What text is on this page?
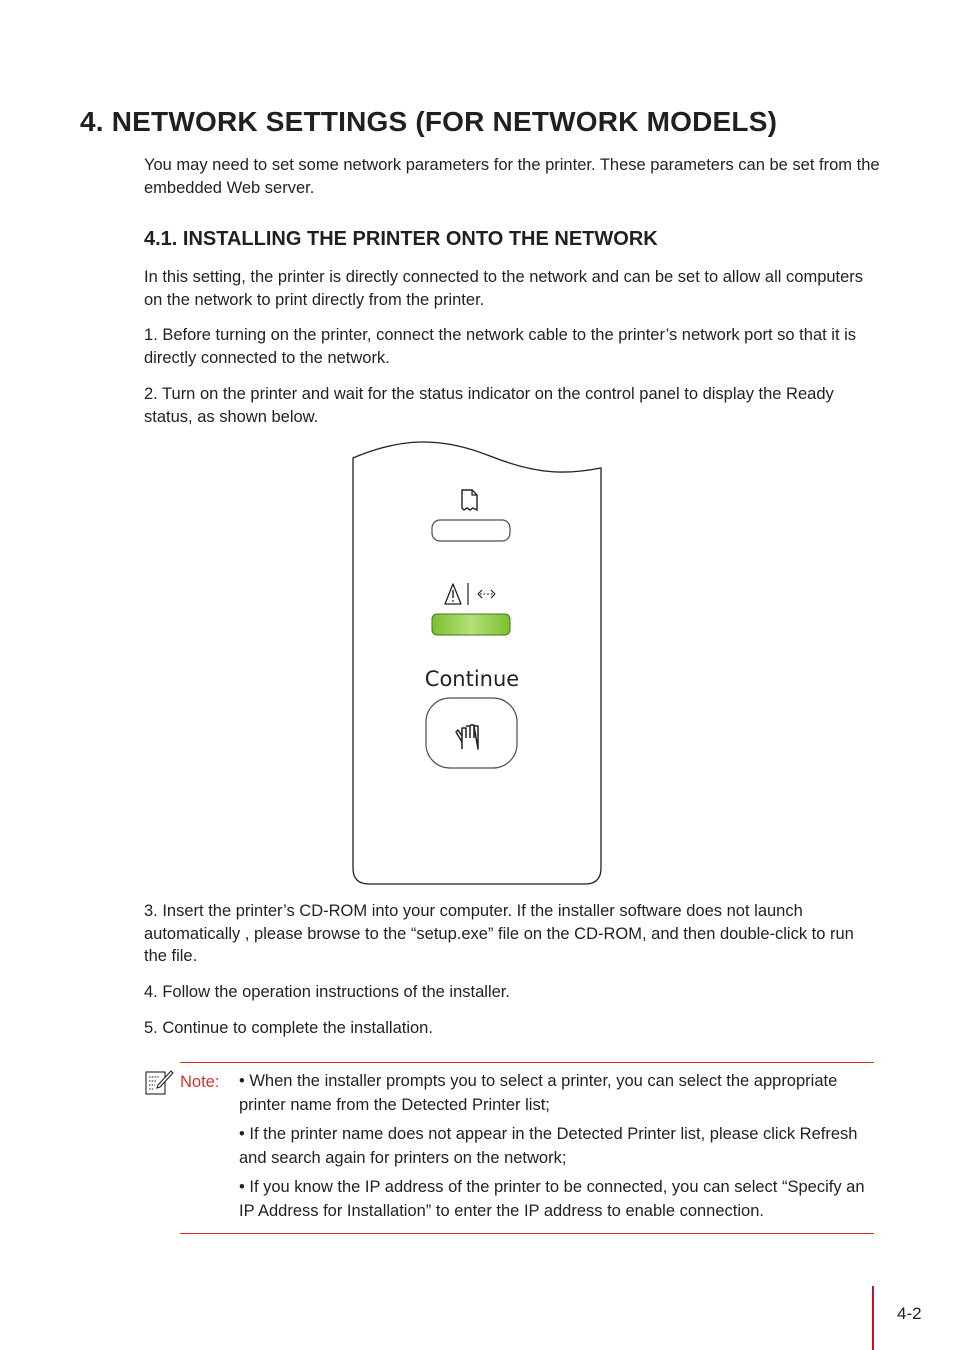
4. NETWORK SETTINGS (FOR NETWORK MODELS)

You may need to set some network parameters for the printer. These parameters can be set from the embedded Web server.

4.1. INSTALLING THE PRINTER ONTO THE NETWORK

In this setting, the printer is directly connected to the network and can be set to allow all computers on the network to print directly from the printer.

1. Before turning on the printer, connect the network cable to the printer’s network port so that it is directly connected to the network.

2. Turn on the printer and wait for the status indicator on the control panel to display the Ready status, as shown below.

Continue

3. Insert the printer’s CD-ROM into your computer. If the installer software does not launch automatically , please browse to the “setup.exe” file on the CD-ROM, and then double-click to run the file.

4. Follow the operation instructions of the installer.

5. Continue to complete the installation.

Note: • When the installer prompts you to select a printer, you can select the appropriate printer name from the Detected Printer list;

• If the printer name does not appear in the Detected Printer list, please click Refresh and search again for printers on the network;

• If you know the IP address of the printer to be connected, you can select “Specify an IP Address for Installation” to enter the IP address to enable connection.

4-2
